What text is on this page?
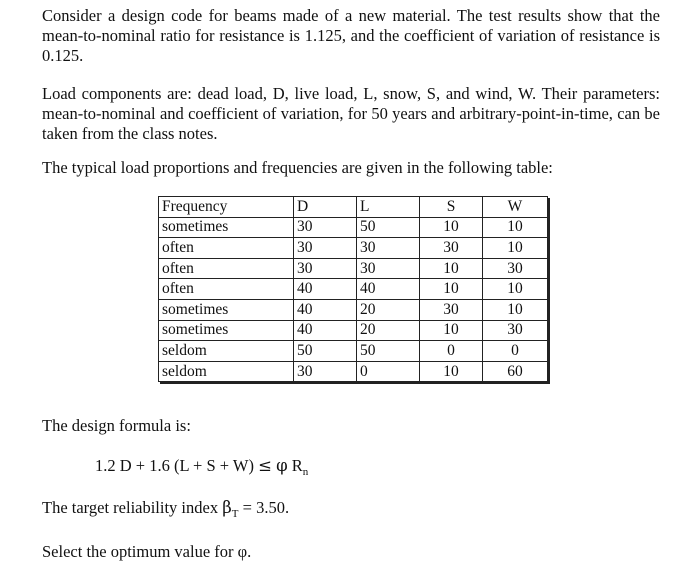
Consider a design code for beams made of a new material. The test results show that the mean-to-nominal ratio for resistance is 1.125, and the coefficient of variation of resistance is 0.125.

Load components are: dead load, D, live load, L, snow, S, and wind, W. Their parameters: mean-to-nominal and coefficient of variation, for 50 years and arbitrary-point-in-time, can be taken from the class notes.

The typical load proportions and frequencies are given in the following table:

Frequency	D	L	S	W
sometimes	30	50	10	10
often	30	30	30	10
often	30	30	10	30
often	40	40	10	10
sometimes	40	20	30	10
sometimes	40	20	10	30
seldom	50	50	0	0
seldom	30	0	10	60

The design formula is:

1.2 D + 1.6 (L + S + W) ≤ φ $R_n$
The target reliability index $\beta_T = 3.50$.

Select the optimum value for φ.
